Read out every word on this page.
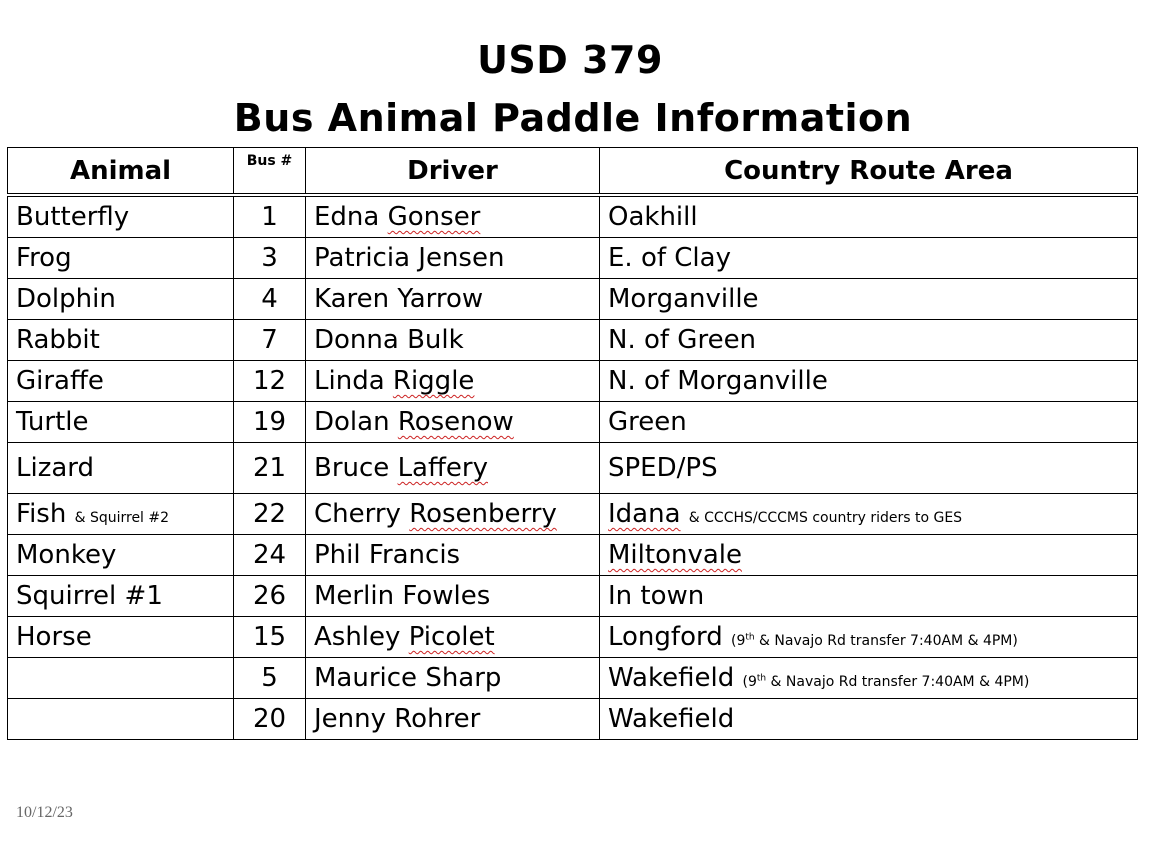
USD 379
Bus Animal Paddle Information
Animal	Bus #	Driver	Country Route Area
Butterfly	1	Edna Gonser	Oakhill
Frog	3	Patricia Jensen	E. of Clay
Dolphin	4	Karen Yarrow	Morganville
Rabbit	7	Donna Bulk	N. of Green
Giraffe	12	Linda Riggle	N. of Morganville
Turtle	19	Dolan Rosenow	Green
Lizard	21	Bruce Laffery	SPED/PS
Fish & Squirrel #2	22	Cherry Rosenberry	Idana & CCCHS/CCCMS country riders to GES
Monkey	24	Phil Francis	Miltonvale
Squirrel #1	26	Merlin Fowles	In town
Horse	15	Ashley Picolet	Longford (9th & Navajo Rd transfer 7:40AM & 4PM)
	5	Maurice Sharp	Wakefield (9th & Navajo Rd transfer 7:40AM & 4PM)
	20	Jenny Rohrer	Wakefield
10/12/23
